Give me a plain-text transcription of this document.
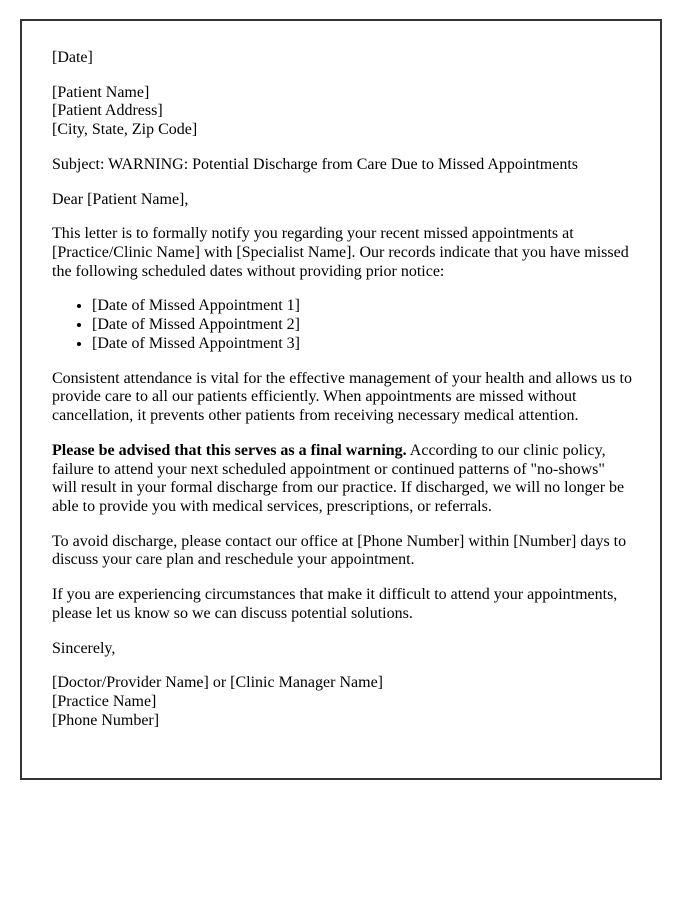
[Date]

[Patient Name]
[Patient Address]
[City, State, Zip Code]

Subject: WARNING: Potential Discharge from Care Due to Missed Appointments

Dear [Patient Name],

This letter is to formally notify you regarding your recent missed appointments at [Practice/Clinic Name] with [Specialist Name]. Our records indicate that you have missed the following scheduled dates without providing prior notice:

• [Date of Missed Appointment 1]
• [Date of Missed Appointment 2]
• [Date of Missed Appointment 3]

Consistent attendance is vital for the effective management of your health and allows us to provide care to all our patients efficiently. When appointments are missed without cancellation, it prevents other patients from receiving necessary medical attention.

Please be advised that this serves as a final warning. According to our clinic policy, failure to attend your next scheduled appointment or continued patterns of "no-shows" will result in your formal discharge from our practice. If discharged, we will no longer be able to provide you with medical services, prescriptions, or referrals.

To avoid discharge, please contact our office at [Phone Number] within [Number] days to discuss your care plan and reschedule your appointment.

If you are experiencing circumstances that make it difficult to attend your appointments, please let us know so we can discuss potential solutions.

Sincerely,

[Doctor/Provider Name] or [Clinic Manager Name]
[Practice Name]
[Phone Number]
